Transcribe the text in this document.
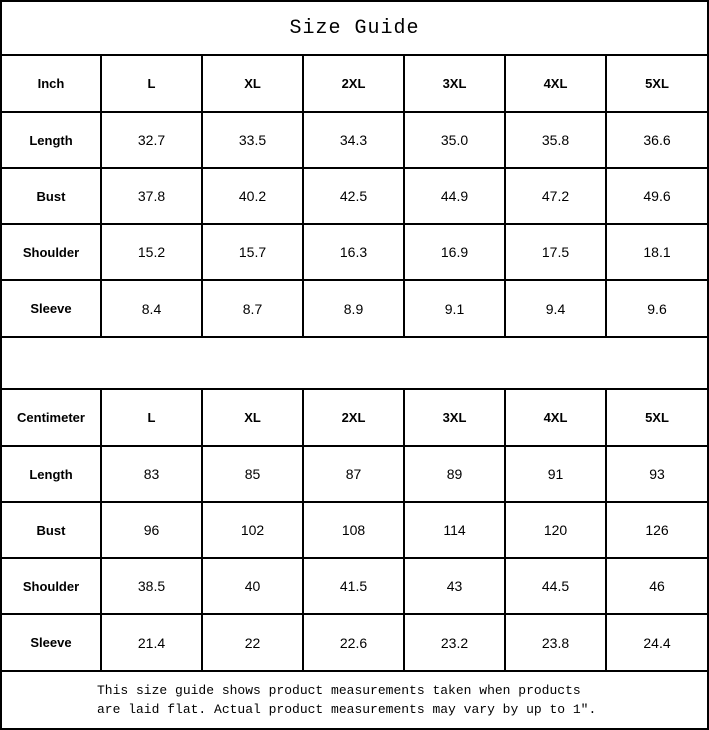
Size Guide
Inch	L	XL	2XL	3XL	4XL	5XL
Length	32.7	33.5	34.3	35.0	35.8	36.6
Bust	37.8	40.2	42.5	44.9	47.2	49.6
Shoulder	15.2	15.7	16.3	16.9	17.5	18.1
Sleeve	8.4	8.7	8.9	9.1	9.4	9.6
Centimeter	L	XL	2XL	3XL	4XL	5XL
Length	83	85	87	89	91	93
Bust	96	102	108	114	120	126
Shoulder	38.5	40	41.5	43	44.5	46
Sleeve	21.4	22	22.6	23.2	23.8	24.4
This size guide shows product measurements taken when products
are laid flat. Actual product measurements may vary by up to 1″.
